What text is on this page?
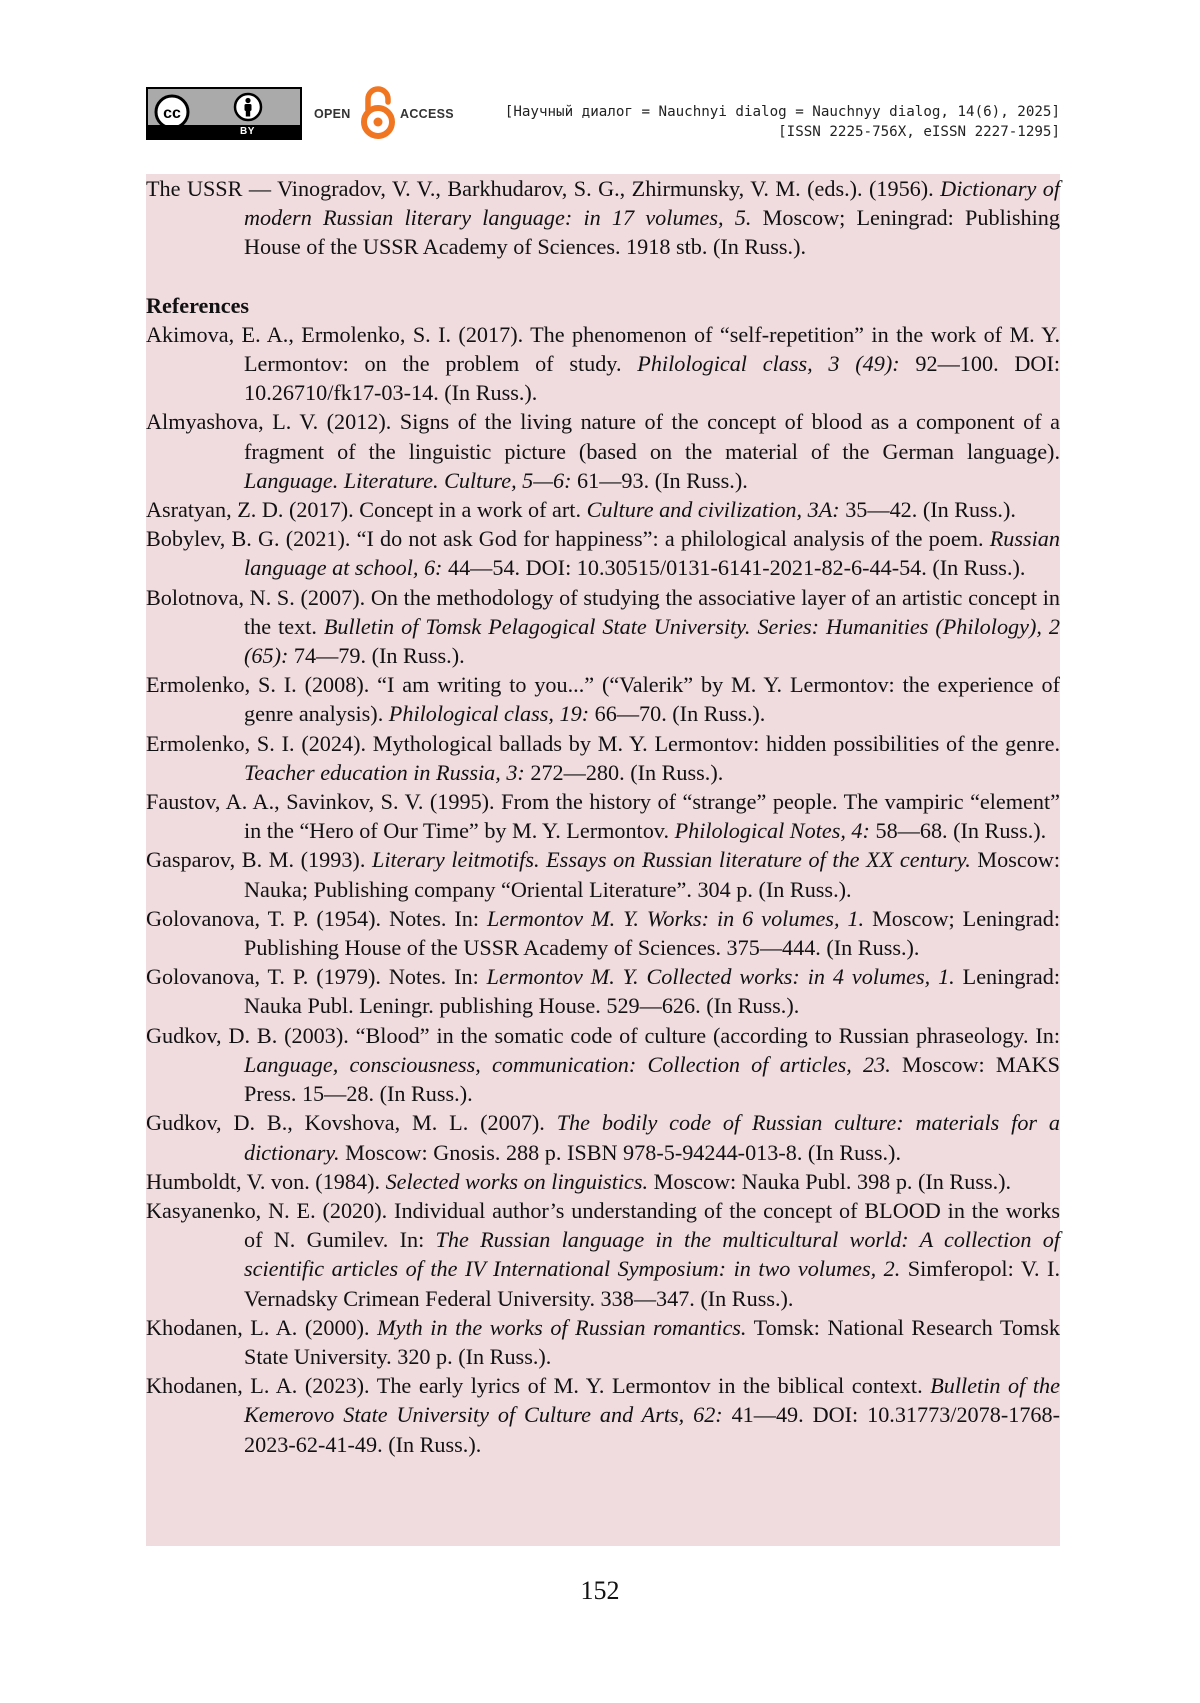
cc
BY
OPEN	ACCESS	[Научный диалог = Nauchnyi dialog = Nauchnyy dialog, 14(6), 2025]
[ISSN 2225-756X, eISSN 2227-1295]

The USSR — Vinogradov, V. V., Barkhudarov, S. G., Zhirmunsky, V. M. (eds.). (1956). Dictionary of modern Russian literary language: in 17 volumes, 5. Moscow; Leningrad: Publishing House of the USSR Academy of Sciences. 1918 stb. (In Russ.).

References

Akimova, E. A., Ermolenko, S. I. (2017). The phenomenon of “self-repetition” in the work of M. Y. Lermontov: on the problem of study. Philological class, 3 (49): 92—100. DOI: 10.26710/fk17-03-14. (In Russ.).

Almyashova, L. V. (2012). Signs of the living nature of the concept of blood as a component of a fragment of the linguistic picture (based on the material of the German language). Language. Literature. Culture, 5—6: 61—93. (In Russ.).

Asratyan, Z. D. (2017). Concept in a work of art. Culture and civilization, 3A: 35—42. (In Russ.).

Bobylev, B. G. (2021). “I do not ask God for happiness”: a philological analysis of the poem. Russian language at school, 6: 44—54. DOI: 10.30515/0131-6141-2021-82-6-44-54. (In Russ.).

Bolotnova, N. S. (2007). On the methodology of studying the associative layer of an artistic concept in the text. Bulletin of Tomsk Pelagogical State University. Series: Humanities (Philology), 2 (65): 74—79. (In Russ.).

Ermolenko, S. I. (2008). “I am writing to you...” (“Valerik” by M. Y. Lermontov: the experience of genre analysis). Philological class, 19: 66—70. (In Russ.).

Ermolenko, S. I. (2024). Mythological ballads by M. Y. Lermontov: hidden possibilities of the genre. Teacher education in Russia, 3: 272—280. (In Russ.).

Faustov, A. A., Savinkov, S. V. (1995). From the history of “strange” people. The vampiric “element” in the “Hero of Our Time” by M. Y. Lermontov. Philological Notes, 4: 58—68. (In Russ.).

Gasparov, B. M. (1993). Literary leitmotifs. Essays on Russian literature of the XX century. Moscow: Nauka; Publishing company “Oriental Literature”. 304 p. (In Russ.).

Golovanova, T. P. (1954). Notes. In: Lermontov M. Y. Works: in 6 volumes, 1. Moscow; Leningrad: Publishing House of the USSR Academy of Sciences. 375—444. (In Russ.).

Golovanova, T. P. (1979). Notes. In: Lermontov M. Y. Collected works: in 4 volumes, 1. Leningrad: Nauka Publ. Leningr. publishing House. 529—626. (In Russ.).

Gudkov, D. B. (2003). “Blood” in the somatic code of culture (according to Russian phraseology. In: Language, consciousness, communication: Collection of articles, 23. Moscow: MAKS Press. 15—28. (In Russ.).

Gudkov, D. B., Kovshova, M. L. (2007). The bodily code of Russian culture: materials for a dictionary. Moscow: Gnosis. 288 p. ISBN 978-5-94244-013-8. (In Russ.).

Humboldt, V. von. (1984). Selected works on linguistics. Moscow: Nauka Publ. 398 p. (In Russ.).

Kasyanenko, N. E. (2020). Individual author’s understanding of the concept of BLOOD in the works of N. Gumilev. In: The Russian language in the multicultural world: A collection of scientific articles of the IV International Symposium: in two volumes, 2. Simferopol: V. I. Vernadsky Crimean Federal University. 338—347. (In Russ.).

Khodanen, L. A. (2000). Myth in the works of Russian romantics. Tomsk: National Research Tomsk State University. 320 p. (In Russ.).

Khodanen, L. A. (2023). The early lyrics of M. Y. Lermontov in the biblical context. Bulletin of the Kemerovo State University of Culture and Arts, 62: 41—49. DOI: 10.31773/2078-1768-2023-62-41-49. (In Russ.).

152
